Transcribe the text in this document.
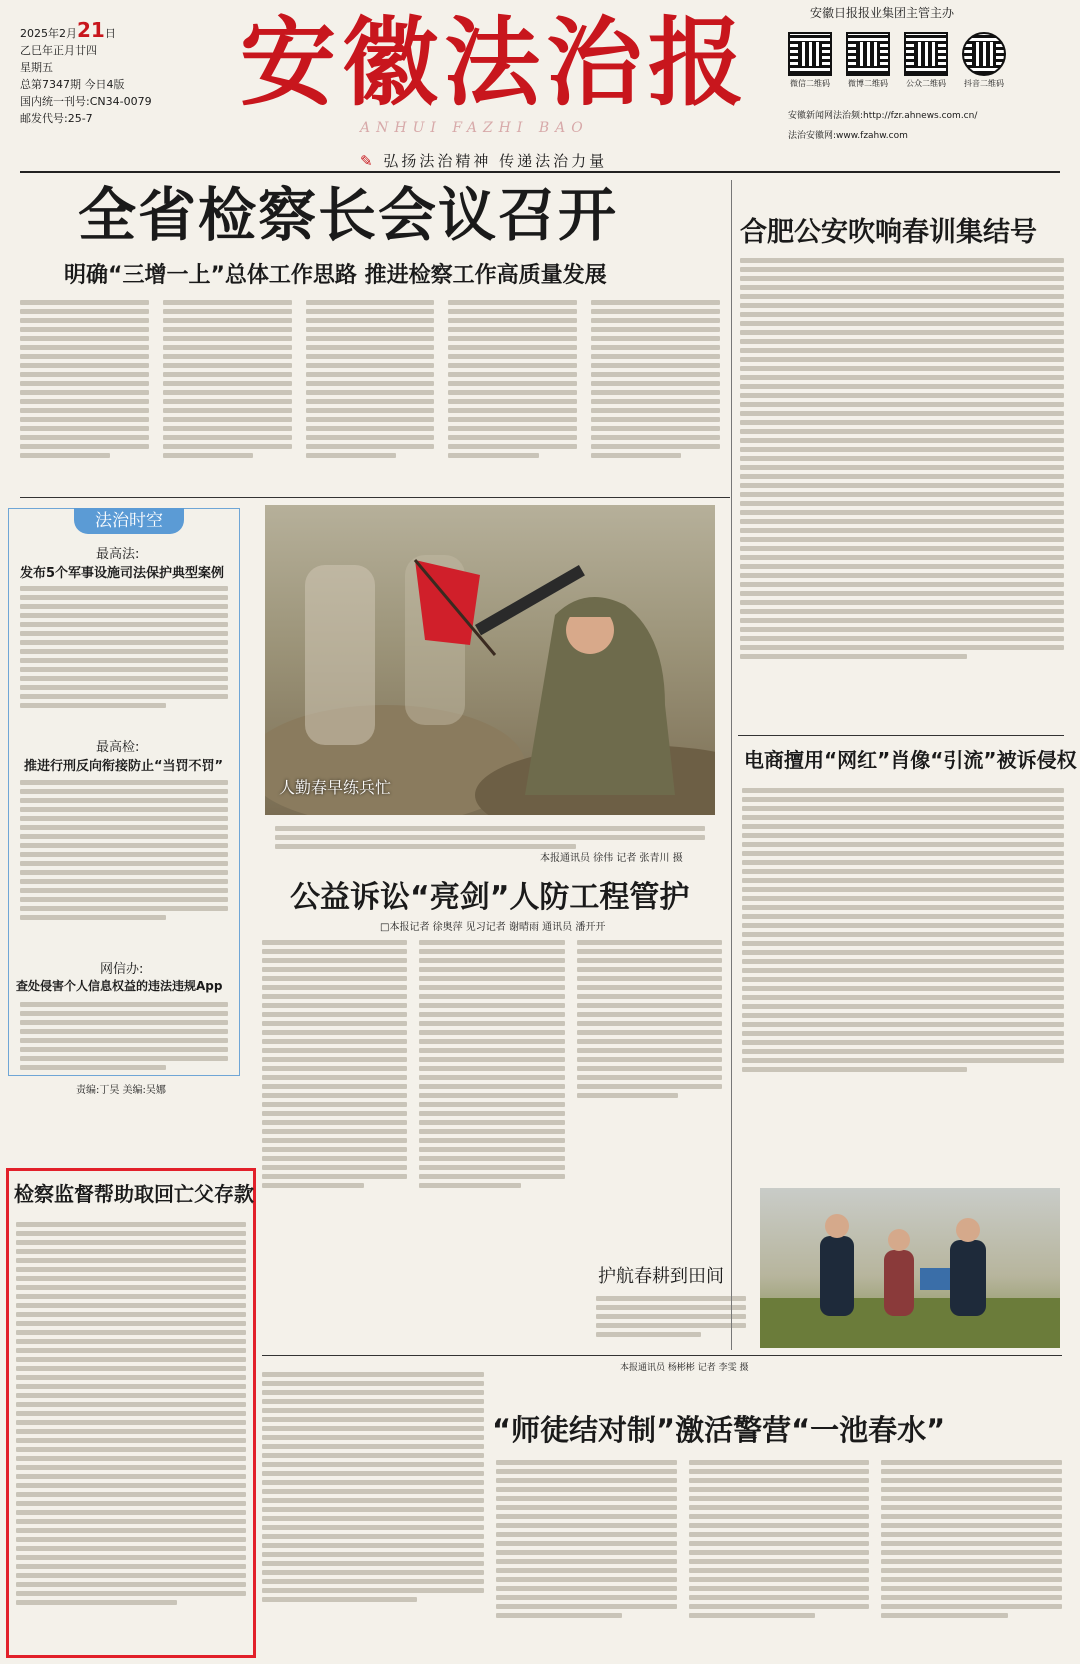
2025年2月21日
乙巳年正月廿四
星期五
总第7347期 今日4版
国内统一刊号:CN34-0079
邮发代号:25-7	安徽法治报
ANHUI FAZHI BAO
安徽日报报业集团主管主办
微信二维码 微博二维码 公众二维码 抖音二维码
安徽新闻网法治频:http://fzr.ahnews.com.cn/
法治安徽网:www.fzahw.com
✎ 弘扬法治精神 传递法治力量
全省检察长会议召开
明确“三增一上”总体工作思路 推进检察工作高质量发展
合肥公安吹响春训集结号
法治时空
最高法:
发布5个军事设施司法保护典型案例
最高检:
推进行刑反向衔接防止“当罚不罚”
网信办:
查处侵害个人信息权益的违法违规App
责编:丁昊 美编:吴娜
人勤春早练兵忙
本报通讯员 徐伟 记者 张青川 摄
公益诉讼“亮剑”人防工程管护
□本报记者 徐奥萍 见习记者 谢晴雨 通讯员 潘开开
电商擅用“网红”肖像“引流”被诉侵权
护航春耕到田间
本报通讯员 杨彬彬 记者 李雯 摄
检察监督帮助取回亡父存款
“师徒结对制”激活警营“一池春水”
